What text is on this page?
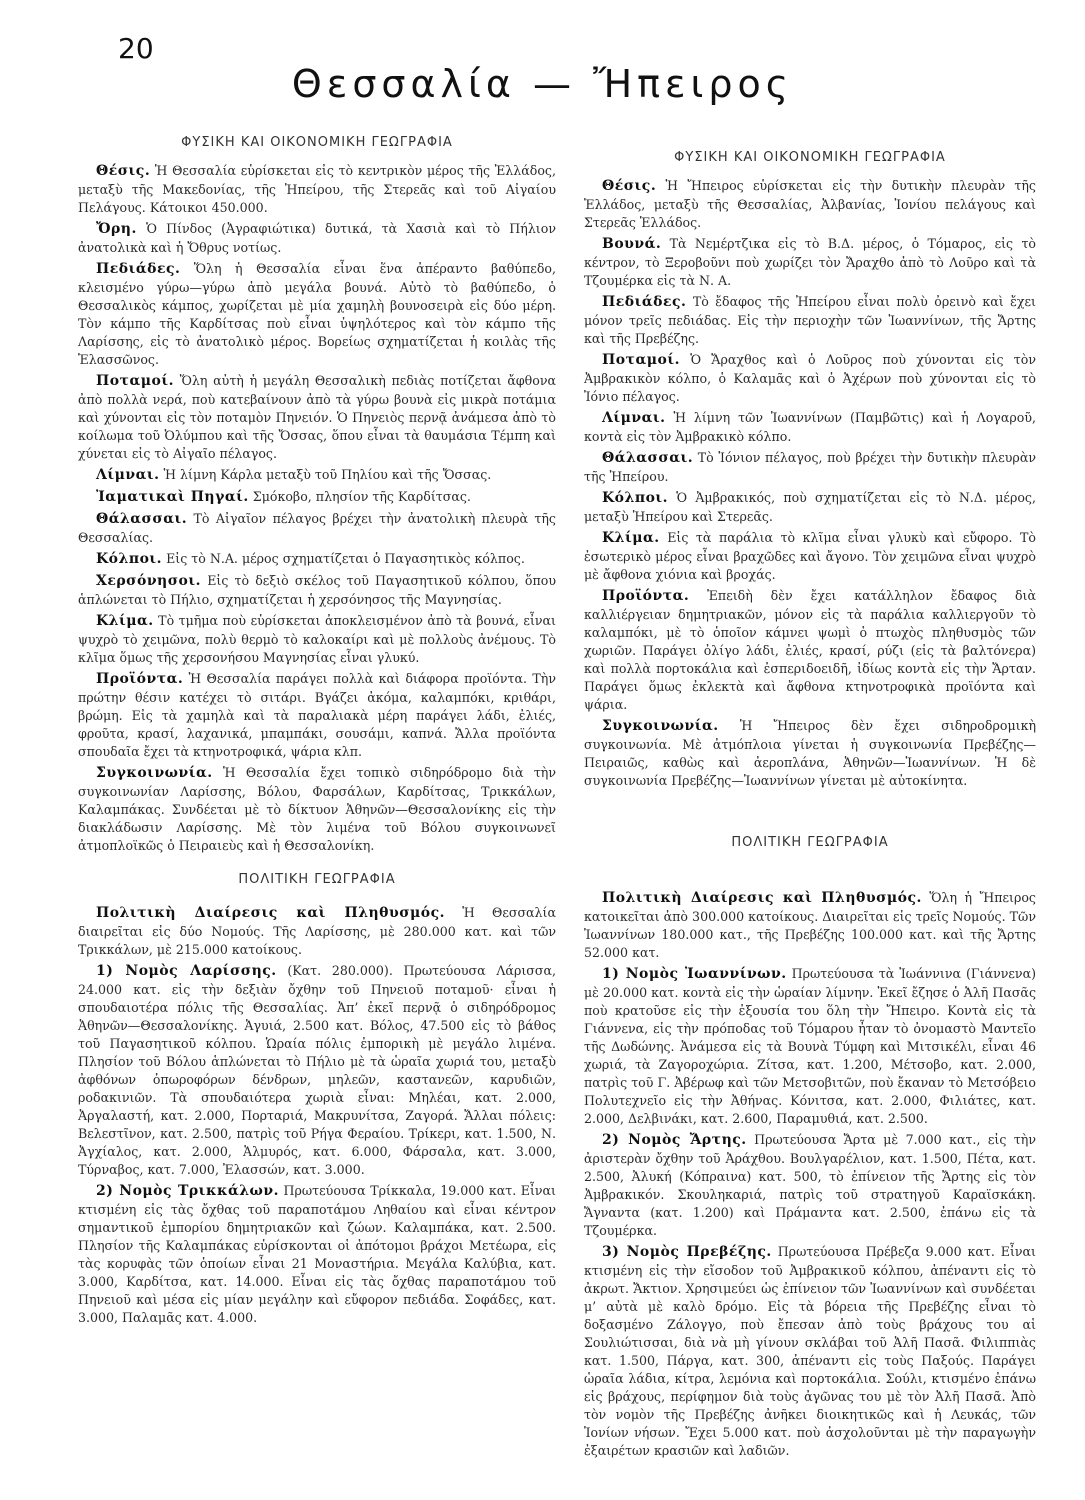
20
Θεσσαλία — Ἤπειρος
ΦΥΣΙΚΗ ΚΑΙ ΟΙΚΟΝΟΜΙΚΗ ΓΕΩΓΡΑΦΙΑ

Θέσις. Ἡ Θεσσαλία εὑρίσκεται εἰς τὸ κεντρικὸν μέρος τῆς Ἑλλάδος, μεταξὺ τῆς Μακεδονίας, τῆς Ἠπείρου, τῆς Στερεᾶς καὶ τοῦ Αἰγαίου Πελάγους. Κάτοικοι 450.000.

Ὄρη. Ὁ Πίνδος (Ἀγραφιώτικα) δυτικά, τὰ Χασιὰ καὶ τὸ Πήλιον ἀνατολικὰ καὶ ἡ Ὄθρυς νοτίως.

Πεδιάδες. Ὅλη ἡ Θεσσαλία εἶναι ἕνα ἀπέραντο βαθύπεδο, κλεισμένο γύρω—γύρω ἀπὸ μεγάλα βουνά. Αὐτὸ τὸ βαθύπεδο, ὁ Θεσσαλικὸς κάμπος, χωρίζεται μὲ μία χαμηλὴ βουνοσειρὰ εἰς δύο μέρη. Τὸν κάμπο τῆς Καρδίτσας ποὺ εἶναι ὑψηλότερος καὶ τὸν κάμπο τῆς Λαρίσσης, εἰς τὸ ἀνατολικὸ μέρος. Βορείως σχηματίζεται ἡ κοιλὰς τῆς Ἐλασσῶνος.

Ποταμοί. Ὅλη αὐτὴ ἡ μεγάλη Θεσσαλικὴ πεδιὰς ποτίζεται ἄφθονα ἀπὸ πολλὰ νερά, ποὺ κατεβαίνουν ἀπὸ τὰ γύρω βουνὰ εἰς μικρὰ ποτάμια καὶ χύνονται εἰς τὸν ποταμὸν Πηνειόν. Ὁ Πηνειὸς περνᾷ ἀνάμεσα ἀπὸ τὸ κοίλωμα τοῦ Ὀλύμπου καὶ τῆς Ὄσσας, ὅπου εἶναι τὰ θαυμάσια Τέμπη καὶ χύνεται εἰς τὸ Αἰγαῖο πέλαγος.

Λίμναι. Ἡ λίμνη Κάρλα μεταξὺ τοῦ Πηλίου καὶ τῆς Ὄσσας.

Ἰαματικαὶ Πηγαί. Σμόκοβο, πλησίον τῆς Καρδίτσας.

Θάλασσαι. Τὸ Αἰγαῖον πέλαγος βρέχει τὴν ἀνατολικὴ πλευρὰ τῆς Θεσσαλίας.

Κόλποι. Εἰς τὸ Ν.Α. μέρος σχηματίζεται ὁ Παγασητικὸς κόλπος.

Χερσόνησοι. Εἰς τὸ δεξιὸ σκέλος τοῦ Παγασητικοῦ κόλπου, ὅπου ἁπλώνεται τὸ Πήλιο, σχηματίζεται ἡ χερσόνησος τῆς Μαγνησίας.

Κλίμα. Τὸ τμῆμα ποὺ εὑρίσκεται ἀποκλεισμένον ἀπὸ τὰ βουνά, εἶναι ψυχρὸ τὸ χειμῶνα, πολὺ θερμὸ τὸ καλοκαίρι καὶ μὲ πολλοὺς ἀνέμους. Τὸ κλῖμα ὅμως τῆς χερσονήσου Μαγνησίας εἶναι γλυκύ.

Προϊόντα. Ἡ Θεσσαλία παράγει πολλὰ καὶ διάφορα προϊόντα. Τὴν πρώτην θέσιν κατέχει τὸ σιτάρι. Βγάζει ἀκόμα, καλαμπόκι, κριθάρι, βρώμη. Εἰς τὰ χαμηλὰ καὶ τὰ παραλιακὰ μέρη παράγει λάδι, ἐλιές, φροῦτα, κρασί, λαχανικά, μπαμπάκι, σουσάμι, καπνά. Ἄλλα προϊόντα σπουδαῖα ἔχει τὰ κτηνοτροφικά, ψάρια κλπ.

Συγκοινωνία. Ἡ Θεσσαλία ἔχει τοπικὸ σιδηρόδρομο διὰ τὴν συγκοινωνίαν Λαρίσσης, Βόλου, Φαρσάλων, Καρδίτσας, Τρικκάλων, Καλαμπάκας. Συνδέεται μὲ τὸ δίκτυον Ἀθηνῶν—Θεσσαλονίκης εἰς τὴν διακλάδωσιν Λαρίσσης. Μὲ τὸν λιμένα τοῦ Βόλου συγκοινωνεῖ ἀτμοπλοϊκῶς ὁ Πειραιεὺς καὶ ἡ Θεσσαλονίκη.

ΠΟΛΙΤΙΚΗ ΓΕΩΓΡΑΦΙΑ

Πολιτικὴ Διαίρεσις καὶ Πληθυσμός. Ἡ Θεσσαλία διαιρεῖται εἰς δύο Νομούς. Τῆς Λαρίσσης, μὲ 280.000 κατ. καὶ τῶν Τρικκάλων, μὲ 215.000 κατοίκους.

1) Νομὸς Λαρίσσης. (Κατ. 280.000). Πρωτεύουσα Λάρισσα, 24.000 κατ. εἰς τὴν δεξιὰν ὄχθην τοῦ Πηνειοῦ ποταμοῦ· εἶναι ἡ σπουδαιοτέρα πόλις τῆς Θεσσαλίας. Ἀπ’ ἐκεῖ περνᾷ ὁ σιδηρόδρομος Ἀθηνῶν—Θεσσαλονίκης. Ἀγυιά, 2.500 κατ. Βόλος, 47.500 εἰς τὸ βάθος τοῦ Παγασητικοῦ κόλπου. Ὡραία πόλις ἐμπορικὴ μὲ μεγάλο λιμένα. Πλησίον τοῦ Βόλου ἁπλώνεται τὸ Πήλιο μὲ τὰ ὡραῖα χωριά του, μεταξὺ ἀφθόνων ὀπωροφόρων δένδρων, μηλεῶν, καστανεῶν, καρυδιῶν, ροδακινιῶν. Τὰ σπουδαιότερα χωριὰ εἶναι: Μηλέαι, κατ. 2.000, Ἀργαλαστή, κατ. 2.000, Πορταριά, Μακρυνίτσα, Ζαγορά. Ἄλλαι πόλεις: Βελεστῖνον, κατ. 2.500, πατρὶς τοῦ Ρήγα Φεραίου. Τρίκερι, κατ. 1.500, Ν. Ἀγχίαλος, κατ. 2.000, Ἁλμυρός, κατ. 6.000, Φάρσαλα, κατ. 3.000, Τύρναβος, κατ. 7.000, Ἐλασσών, κατ. 3.000.

2) Νομὸς Τρικκάλων. Πρωτεύουσα Τρίκκαλα, 19.000 κατ. Εἶναι κτισμένη εἰς τὰς ὄχθας τοῦ παραποτάμου Ληθαίου καὶ εἶναι κέντρον σημαντικοῦ ἐμπορίου δημητριακῶν καὶ ζώων. Καλαμπάκα, κατ. 2.500. Πλησίον τῆς Καλαμπάκας εὑρίσκονται οἱ ἀπότομοι βράχοι Μετέωρα, εἰς τὰς κορυφὰς τῶν ὁποίων εἶναι 21 Μοναστήρια. Μεγάλα Καλύβια, κατ. 3.000, Καρδίτσα, κατ. 14.000. Εἶναι εἰς τὰς ὄχθας παραποτάμου τοῦ Πηνειοῦ καὶ μέσα εἰς μίαν μεγάλην καὶ εὔφορον πεδιάδα. Σοφάδες, κατ. 3.000, Παλαμᾶς κατ. 4.000.

ΦΥΣΙΚΗ ΚΑΙ ΟΙΚΟΝΟΜΙΚΗ ΓΕΩΓΡΑΦΙΑ

Θέσις. Ἡ Ἤπειρος εὑρίσκεται εἰς τὴν δυτικὴν πλευρὰν τῆς Ἑλλάδος, μεταξὺ τῆς Θεσσαλίας, Ἀλβανίας, Ἰονίου πελάγους καὶ Στερεᾶς Ἑλλάδος.

Βουνά. Τὰ Νεμέρτζικα εἰς τὸ Β.Δ. μέρος, ὁ Τόμαρος, εἰς τὸ κέντρον, τὸ Ξεροβοῦνι ποὺ χωρίζει τὸν Ἄραχθο ἀπὸ τὸ Λοῦρο καὶ τὰ Τζουμέρκα εἰς τὰ Ν. Α.

Πεδιάδες. Τὸ ἔδαφος τῆς Ἠπείρου εἶναι πολὺ ὀρεινὸ καὶ ἔχει μόνον τρεῖς πεδιάδας. Εἰς τὴν περιοχὴν τῶν Ἰωαννίνων, τῆς Ἄρτης καὶ τῆς Πρεβέζης.

Ποταμοί. Ὁ Ἄραχθος καὶ ὁ Λοῦρος ποὺ χύνονται εἰς τὸν Ἀμβρακικὸν κόλπο, ὁ Καλαμᾶς καὶ ὁ Ἀχέρων ποὺ χύνονται εἰς τὸ Ἰόνιο πέλαγος.

Λίμναι. Ἡ λίμνη τῶν Ἰωαννίνων (Παμβῶτις) καὶ ἡ Λογαροῦ, κοντὰ εἰς τὸν Ἀμβρακικὸ κόλπο.

Θάλασσαι. Τὸ Ἰόνιον πέλαγος, ποὺ βρέχει τὴν δυτικὴν πλευρὰν τῆς Ἠπείρου.

Κόλποι. Ὁ Ἀμβρακικός, ποὺ σχηματίζεται εἰς τὸ Ν.Δ. μέρος, μεταξὺ Ἠπείρου καὶ Στερεᾶς.

Κλίμα. Εἰς τὰ παράλια τὸ κλῖμα εἶναι γλυκὺ καὶ εὔφορο. Τὸ ἐσωτερικὸ μέρος εἶναι βραχῶδες καὶ ἄγονο. Τὸν χειμῶνα εἶναι ψυχρὸ μὲ ἄφθονα χιόνια καὶ βροχάς.

Προϊόντα. Ἐπειδὴ δὲν ἔχει κατάλληλον ἔδαφος διὰ καλλιέργειαν δημητριακῶν, μόνον εἰς τὰ παράλια καλλιεργοῦν τὸ καλαμπόκι, μὲ τὸ ὁποῖον κάμνει ψωμὶ ὁ πτωχὸς πληθυσμὸς τῶν χωριῶν. Παράγει ὀλίγο λάδι, ἐλιές, κρασί, ρύζι (εἰς τὰ βαλτόνερα) καὶ πολλὰ πορτοκάλια καὶ ἐσπεριδοειδῆ, ἰδίως κοντὰ εἰς τὴν Ἄρταν. Παράγει ὅμως ἐκλεκτὰ καὶ ἄφθονα κτηνοτροφικὰ προϊόντα καὶ ψάρια.

Συγκοινωνία. Ἡ Ἤπειρος δὲν ἔχει σιδηροδρομικὴ συγκοινωνία. Μὲ ἀτμόπλοια γίνεται ἡ συγκοινωνία Πρεβέζης—Πειραιῶς, καθὼς καὶ ἀεροπλάνα, Ἀθηνῶν—Ἰωαννίνων. Ἡ δὲ συγκοινωνία Πρεβέζης—Ἰωαννίνων γίνεται μὲ αὐτοκίνητα.

ΠΟΛΙΤΙΚΗ ΓΕΩΓΡΑΦΙΑ

Πολιτικὴ Διαίρεσις καὶ Πληθυσμός. Ὅλη ἡ Ἤπειρος κατοικεῖται ἀπὸ 300.000 κατοίκους. Διαιρεῖται εἰς τρεῖς Νομούς. Τῶν Ἰωαννίνων 180.000 κατ., τῆς Πρεβέζης 100.000 κατ. καὶ τῆς Ἄρτης 52.000 κατ.

1) Νομὸς Ἰωαννίνων. Πρωτεύουσα τὰ Ἰωάννινα (Γιάννενα) μὲ 20.000 κατ. κοντὰ εἰς τὴν ὡραίαν λίμνην. Ἐκεῖ ἔζησε ὁ Ἀλῆ Πασᾶς ποὺ κρατοῦσε εἰς τὴν ἐξουσία του ὅλη τὴν Ἤπειρο. Κοντὰ εἰς τὰ Γιάννενα, εἰς τὴν πρόποδας τοῦ Τόμαρου ἦταν τὸ ὀνομαστὸ Μαντεῖο τῆς Δωδώνης. Ἀνάμεσα εἰς τὰ Βουνὰ Τύμφη καὶ Μιτσικέλι, εἶναι 46 χωριά, τὰ Ζαγοροχώρια. Ζίτσα, κατ. 1.200, Μέτσοβο, κατ. 2.000, πατρὶς τοῦ Γ. Ἀβέρωφ καὶ τῶν Μετσοβιτῶν, ποὺ ἔκαναν τὸ Μετσόβειο Πολυτεχνεῖο εἰς τὴν Ἀθήνας. Κόνιτσα, κατ. 2.000, Φιλιάτες, κατ. 2.000, Δελβινάκι, κατ. 2.600, Παραμυθιά, κατ. 2.500.

2) Νομὸς Ἄρτης. Πρωτεύουσα Ἄρτα μὲ 7.000 κατ., εἰς τὴν ἀριστερὰν ὄχθην τοῦ Ἀράχθου. Βουλγαρέλιον, κατ. 1.500, Πέτα, κατ. 2.500, Ἀλυκή (Κόπραινα) κατ. 500, τὸ ἐπίνειον τῆς Ἄρτης εἰς τὸν Ἀμβρακικόν. Σκουληκαριά, πατρὶς τοῦ στρατηγοῦ Καραϊσκάκη. Ἄγναντα (κατ. 1.200) καὶ Πράμαντα κατ. 2.500, ἐπάνω εἰς τὰ Τζουμέρκα.

3) Νομὸς Πρεβέζης. Πρωτεύουσα Πρέβεζα 9.000 κατ. Εἶναι κτισμένη εἰς τὴν εἴσοδον τοῦ Ἀμβρακικοῦ κόλπου, ἀπέναντι εἰς τὸ ἀκρωτ. Ἄκτιον. Χρησιμεύει ὡς ἐπίνειον τῶν Ἰωαννίνων καὶ συνδέεται μ’ αὐτὰ μὲ καλὸ δρόμο. Εἰς τὰ βόρεια τῆς Πρεβέζης εἶναι τὸ δοξασμένο Ζάλογγο, ποὺ ἔπεσαν ἀπὸ τοὺς βράχους του αἱ Σουλιώτισσαι, διὰ νὰ μὴ γίνουν σκλάβαι τοῦ Ἀλῆ Πασᾶ. Φιλιππιὰς κατ. 1.500, Πάργα, κατ. 300, ἀπέναντι εἰς τοὺς Παξούς. Παράγει ὡραῖα λάδια, κίτρα, λεμόνια καὶ πορτοκάλια. Σούλι, κτισμένο ἐπάνω εἰς βράχους, περίφημον διὰ τοὺς ἀγῶνας του μὲ τὸν Ἀλῆ Πασᾶ. Ἀπὸ τὸν νομὸν τῆς Πρεβέζης ἀνῆκει διοικητικῶς καὶ ἡ Λευκάς, τῶν Ἰονίων νήσων. Ἔχει 5.000 κατ. ποὺ ἀσχολοῦνται μὲ τὴν παραγωγὴν ἐξαιρέτων κρασιῶν καὶ λαδιῶν.
